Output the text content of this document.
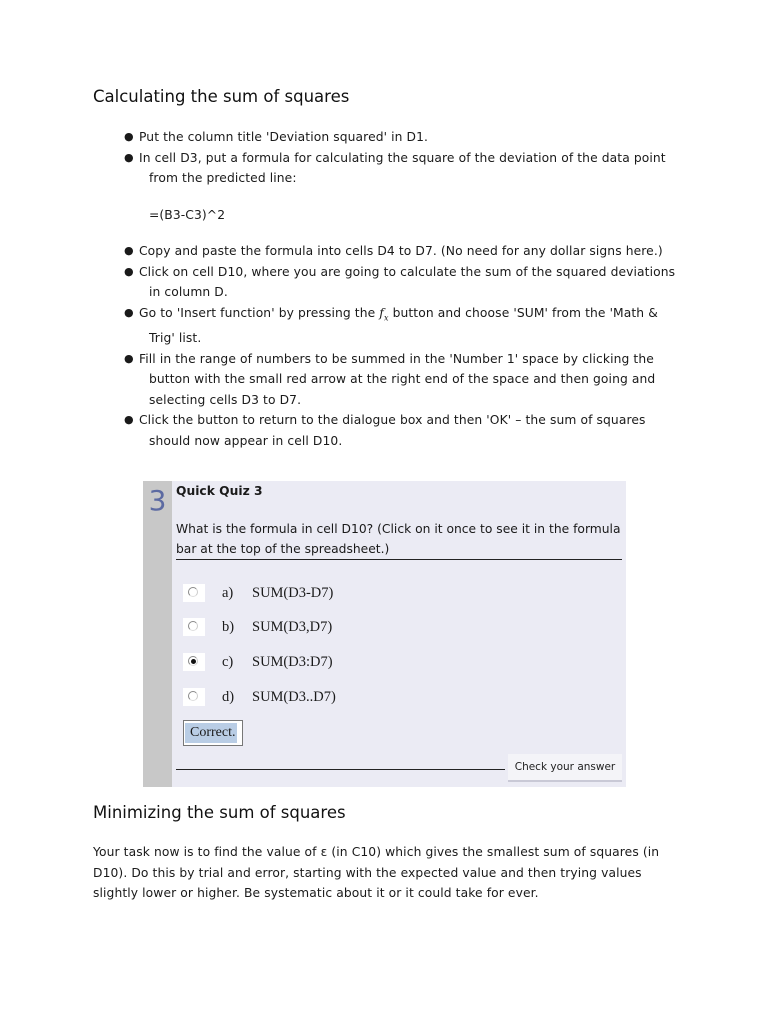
Calculating the sum of squares
● Put the column title 'Deviation squared' in D1.
● In cell D3, put a formula for calculating the square of the deviation of the data point from the predicted line:
=(B3-C3)^2
● Copy and paste the formula into cells D4 to D7. (No need for any dollar signs here.)
● Click on cell D10, where you are going to calculate the sum of the squared deviations in column D.
● Go to 'Insert function' by pressing the $f_x$ button and choose 'SUM' from the 'Math & Trig' list.
● Fill in the range of numbers to be summed in the 'Number 1' space by clicking the button with the small red arrow at the right end of the space and then going and selecting cells D3 to D7.
● Click the button to return to the dialogue box and then 'OK' – the sum of squares should now appear in cell D10.
3 Quick Quiz 3
What is the formula in cell D10? (Click on it once to see it in the formula bar at the top of the spreadsheet.)
a)	SUM(D3-D7)
b)	SUM(D3,D7)
c)	SUM(D3:D7)
d)	SUM(D3..D7)
Correct.
Check your answer
Minimizing the sum of squares

Your task now is to find the value of ε (in C10) which gives the smallest sum of squares (in D10). Do this by trial and error, starting with the expected value and then trying values slightly lower or higher. Be systematic about it or it could take for ever.
